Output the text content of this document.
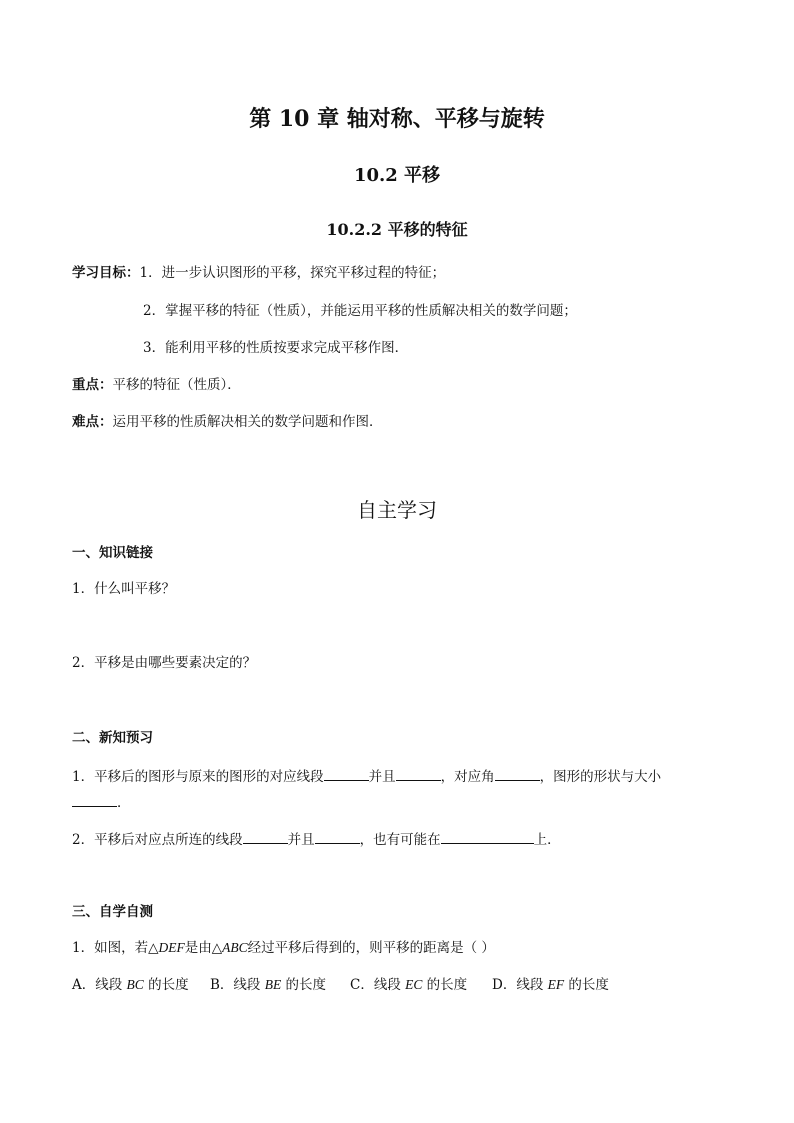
第 10 章 轴对称、平移与旋转
10.2 平移
10.2.2 平移的特征
学习目标：1．进一步认识图形的平移，探究平移过程的特征；
2．掌握平移的特征（性质），并能运用平移的性质解决相关的数学问题；
3．能利用平移的性质按要求完成平移作图．
重点：平移的特征（性质）．
难点：运用平移的性质解决相关的数学问题和作图．
自主学习
一、知识链接
1．什么叫平移？
2．平移是由哪些要素决定的？
二、新知预习
1．平移后的图形与原来的图形的对应线段	并且	，对应角	，图形的形状与大小
．
2．平移后对应点所连的线段	并且	，也有可能在	上．
三、自学自测
1．如图，若△DEF是由△ABC经过平移后得到的，则平移的距离是（ ）
A．线段 BC 的长度 B．线段 BE 的长度 C．线段 EC 的长度 D．线段 EF 的长度
